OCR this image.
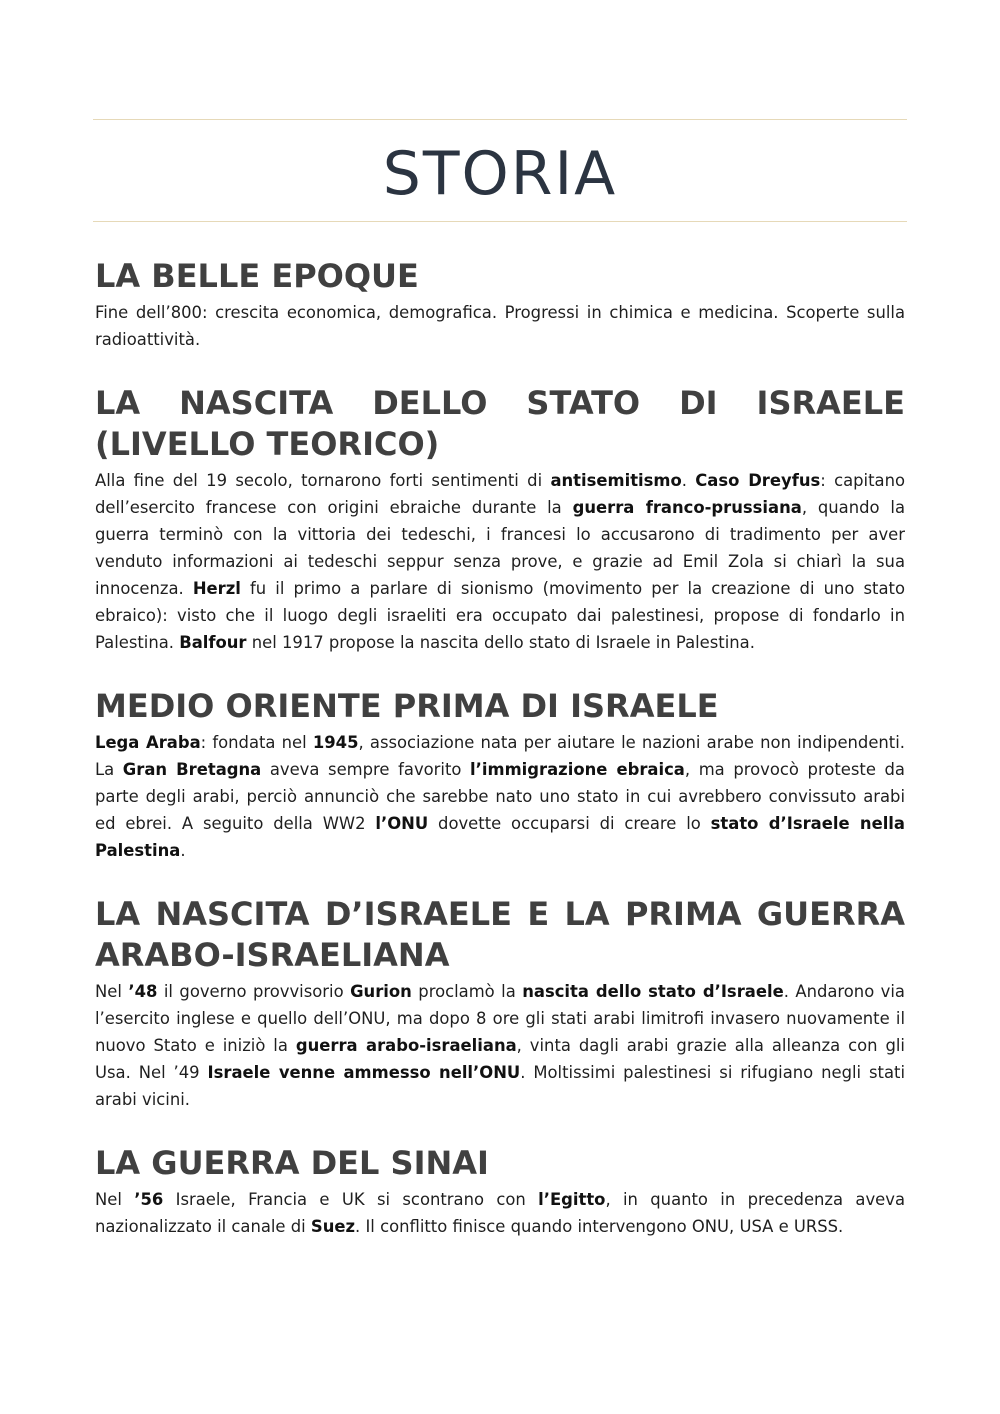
STORIA
LA BELLE EPOQUE

Fine dell’800: crescita economica, demografica. Progressi in chimica e medicina. Scoperte sulla radioattività.

LA NASCITA DELLO STATO DI ISRAELE (LIVELLO TEORICO)

Alla fine del 19 secolo, tornarono forti sentimenti di antisemitismo. Caso Dreyfus: capitano dell’esercito francese con origini ebraiche durante la guerra franco-prussiana, quando la guerra terminò con la vittoria dei tedeschi, i francesi lo accusarono di tradimento per aver venduto informazioni ai tedeschi seppur senza prove, e grazie ad Emil Zola si chiarì la sua innocenza. Herzl fu il primo a parlare di sionismo (movimento per la creazione di uno stato ebraico): visto che il luogo degli israeliti era occupato dai palestinesi, propose di fondarlo in Palestina. Balfour nel 1917 propose la nascita dello stato di Israele in Palestina.

MEDIO ORIENTE PRIMA DI ISRAELE

Lega Araba: fondata nel 1945, associazione nata per aiutare le nazioni arabe non indipendenti. La Gran Bretagna aveva sempre favorito l’immigrazione ebraica, ma provocò proteste da parte degli arabi, perciò annunciò che sarebbe nato uno stato in cui avrebbero convissuto arabi ed ebrei. A seguito della WW2 l’ONU dovette occuparsi di creare lo stato d’Israele nella Palestina.

LA NASCITA D’ISRAELE E LA PRIMA GUERRA ARABO-ISRAELIANA

Nel ’48 il governo provvisorio Gurion proclamò la nascita dello stato d’Israele. Andarono via l’esercito inglese e quello dell’ONU, ma dopo 8 ore gli stati arabi limitrofi invasero nuovamente il nuovo Stato e iniziò la guerra arabo-israeliana, vinta dagli arabi grazie alla alleanza con gli Usa. Nel ’49 Israele venne ammesso nell’ONU. Moltissimi palestinesi si rifugiano negli stati arabi vicini.

LA GUERRA DEL SINAI

Nel ’56 Israele, Francia e UK si scontrano con l’Egitto, in quanto in precedenza aveva nazionalizzato il canale di Suez. Il conflitto finisce quando intervengono ONU, USA e URSS.
